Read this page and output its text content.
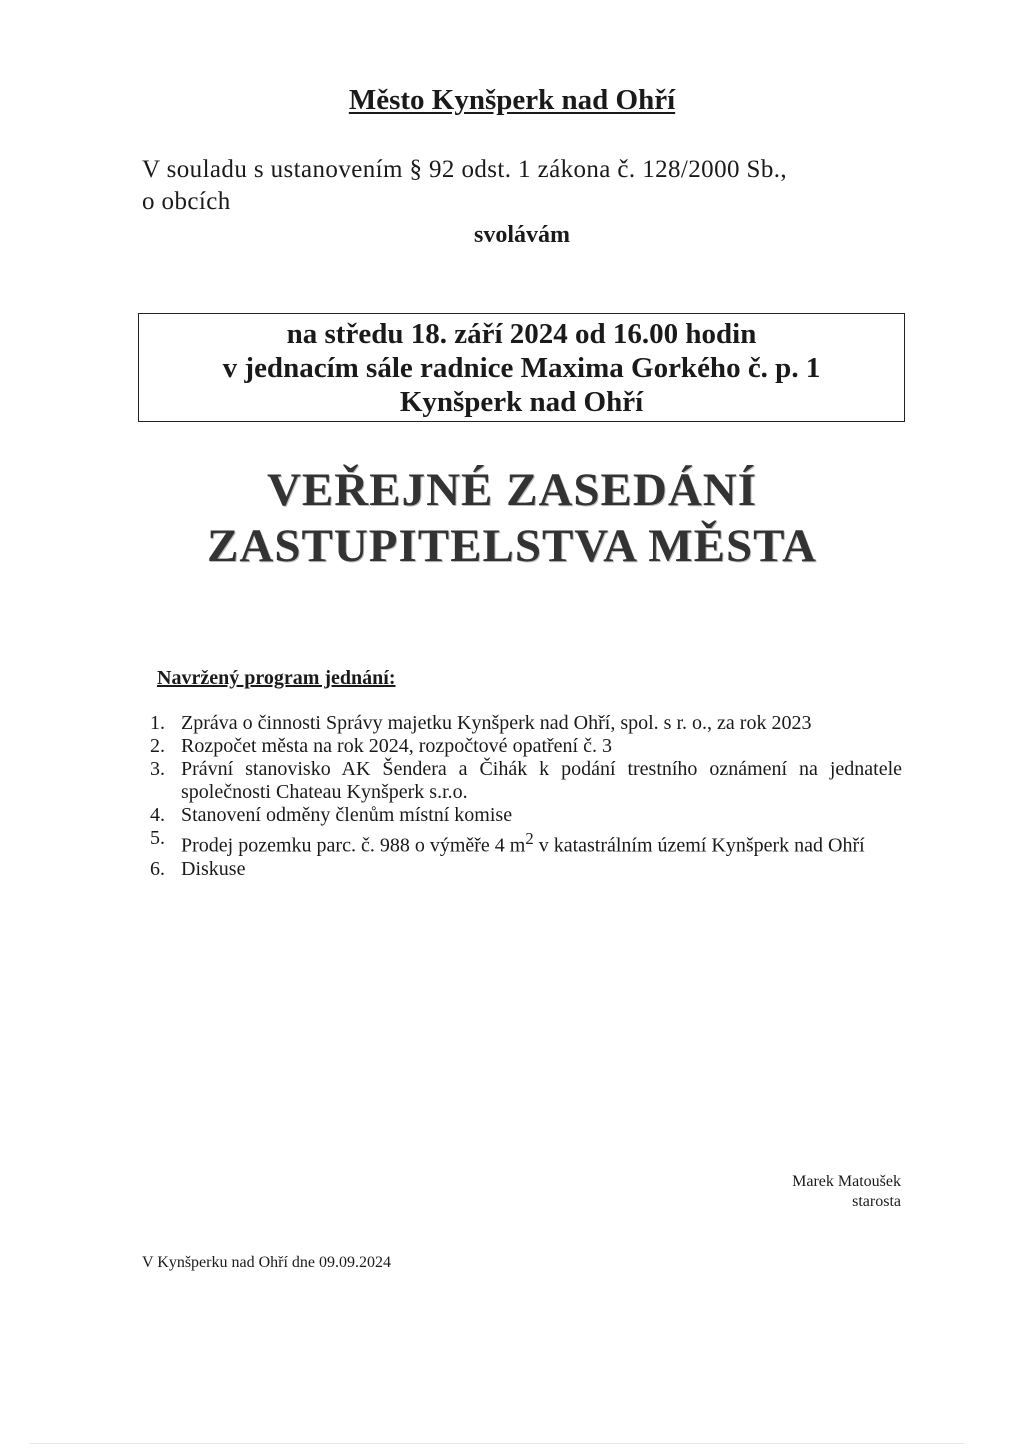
Město Kynšperk nad Ohří
V souladu s ustanovením § 92 odst. 1 zákona č. 128/2000 Sb.,
o obcích
svolávám
na středu 18. září 2024 od 16.00 hodin
v jednacím sále radnice Maxima Gorkého č. p. 1
Kynšperk nad Ohří
VEŘEJNÉ ZASEDÁNÍ
ZASTUPITELSTVA MĚSTA
Navržený program jednání:
1. Zpráva o činnosti Správy majetku Kynšperk nad Ohří, spol. s r. o., za rok 2023
2. Rozpočet města na rok 2024, rozpočtové opatření č. 3
3. Právní stanovisko AK Šendera a Čihák k podání trestního oznámení na jednatele společnosti Chateau Kynšperk s.r.o.
4. Stanovení odměny členům místní komise
5. Prodej pozemku parc. č. 988 o výměře 4 $m^2$ v katastrálním území Kynšperk nad Ohří
6. Diskuse
Marek Matoušek
starosta
V Kynšperku nad Ohří dne 09.09.2024
